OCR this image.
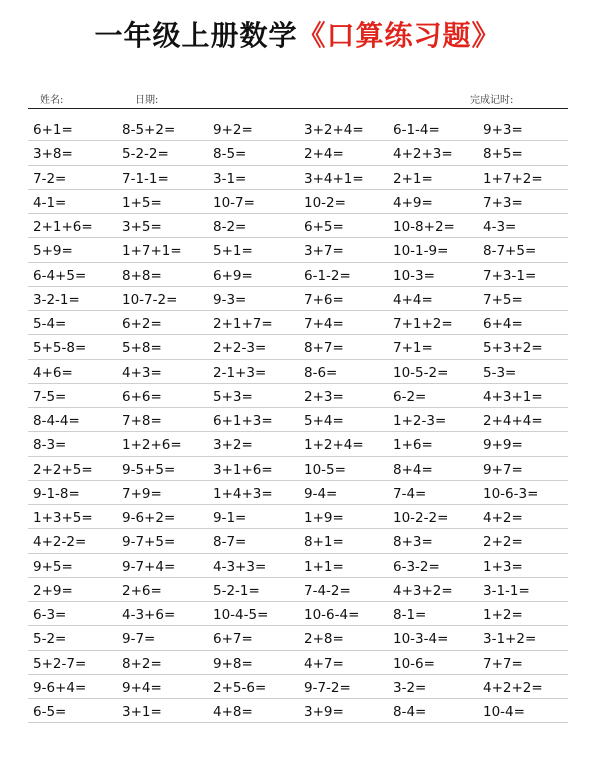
一年级上册数学《口算练习题》
姓名:	日期:	完成记时:
6+1=	8-5+2=	9+2=	3+2+4= 6-1-4=	9+3=
3+8=	5-2-2=	8-5=	2+4=	4+2+3= 8+5=
7-2=	7-1-1=	3-1=	3+4+1= 2+1=	1+7+2=
4-1=	1+5=	10-7=	10-2=	4+9=	7+3=
2+1+6= 3+5=	8-2=	6+5=	10-8+2= 4-3=
5+9=	1+7+1= 5+1=	3+7=	10-1-9=	8-7+5=
6-4+5=	8+8=	6+9=	6-1-2=	10-3=	7+3-1=
3-2-1=	10-7-2=	9-3=	7+6=	4+4=	7+5=
5-4=	6+2=	2+1+7= 7+4=	7+1+2= 6+4=
5+5-8=	5+8=	2+2-3=	8+7=	7+1=	5+3+2=
4+6=	4+3=	2-1+3=	8-6=	10-5-2=	5-3=
7-5=	6+6=	5+3=	2+3=	6-2=	4+3+1=
8-4-4=	7+8=	6+1+3= 5+4=	1+2-3=	2+4+4=
8-3=	1+2+6= 3+2=	1+2+4= 1+6=	9+9=
2+2+5= 9-5+5=	3+1+6= 10-5=	8+4=	9+7=
9-1-8=	7+9=	1+4+3= 9-4=	7-4=	10-6-3=
1+3+5= 9-6+2=	9-1=	1+9=	10-2-2=	4+2=
4+2-2=	9-7+5=	8-7=	8+1=	8+3=	2+2=
9+5=	9-7+4=	4-3+3=	1+1=	6-3-2=	1+3=
2+9=	2+6=	5-2-1=	7-4-2=	4+3+2= 3-1-1=
6-3=	4-3+6=	10-4-5=	10-6-4= 8-1=	1+2=
5-2=	9-7=	6+7=	2+8=	10-3-4=	3-1+2=
5+2-7=	8+2=	9+8=	4+7=	10-6=	7+7=
9-6+4=	9+4=	2+5-6=	9-7-2=	3-2=	4+2+2=
6-5=	3+1=	4+8=	3+9=	8-4=	10-4=
